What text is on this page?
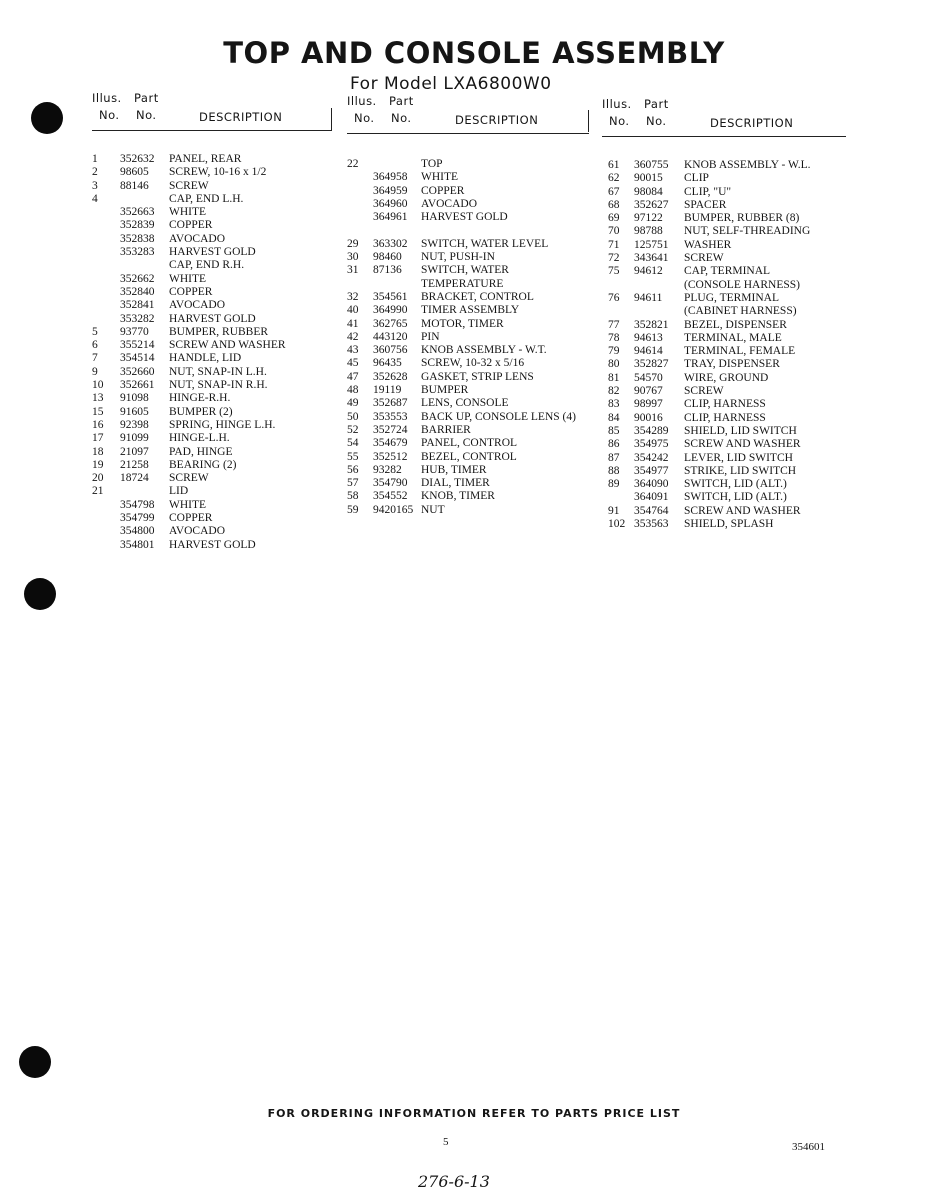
TOP AND CONSOLE ASSEMBLY
For Model LXA6800W0
Illus. Part
No. No.	DESCRIPTION
1 352632 PANEL, REAR
2 98605 SCREW, 10-16 x 1/2
3 88146 SCREW
4	CAP, END L.H.
352663 WHITE
352839 COPPER
352838 AVOCADO
353283 HARVEST GOLD
CAP, END R.H.
352662 WHITE
352840 COPPER
352841 AVOCADO
353282 HARVEST GOLD
5 93770 BUMPER, RUBBER
6 355214 SCREW AND WASHER
7 354514 HANDLE, LID
9 352660 NUT, SNAP-IN L.H.
10 352661 NUT, SNAP-IN R.H.
13 91098 HINGE-R.H.
15 91605 BUMPER (2)
16 92398 SPRING, HINGE L.H.
17 91099 HINGE-L.H.
18 21097 PAD, HINGE
19 21258 BEARING (2)
20 18724 SCREW
21	LID
354798 WHITE
354799 COPPER
354800 AVOCADO
354801 HARVEST GOLD
Illus. Part
No. No.	DESCRIPTION
22	TOP
364958 WHITE
364959 COPPER
364960 AVOCADO
364961 HARVEST GOLD
29 363302 SWITCH, WATER LEVEL
30 98460 NUT, PUSH-IN
31 87136 SWITCH, WATER
TEMPERATURE
32 354561 BRACKET, CONTROL
40 364990 TIMER ASSEMBLY
41 362765 MOTOR, TIMER
42 443120 PIN
43 360756 KNOB ASSEMBLY - W.T.
45 96435 SCREW, 10-32 x 5/16
47 352628 GASKET, STRIP LENS
48 19119 BUMPER
49 352687 LENS, CONSOLE
50 353553 BACK UP, CONSOLE LENS (4)
52 352724 BARRIER
54 354679 PANEL, CONTROL
55 352512 BEZEL, CONTROL
56 93282 HUB, TIMER
57 354790 DIAL, TIMER
58 354552 KNOB, TIMER
59 9420165 NUT
Illus. Part
No. No.	DESCRIPTION
61 360755 KNOB ASSEMBLY - W.L.
62 90015 CLIP
67 98084 CLIP, "U"
68 352627 SPACER
69 97122 BUMPER, RUBBER (8)
70 98788 NUT, SELF-THREADING
71 125751 WASHER
72 343641 SCREW
75 94612 CAP, TERMINAL
(CONSOLE HARNESS)
76 94611 PLUG, TERMINAL
(CABINET HARNESS)
77 352821 BEZEL, DISPENSER
78 94613 TERMINAL, MALE
79 94614 TERMINAL, FEMALE
80 352827 TRAY, DISPENSER
81 54570 WIRE, GROUND
82 90767 SCREW
83 98997 CLIP, HARNESS
84 90016 CLIP, HARNESS
85 354289 SHIELD, LID SWITCH
86 354975 SCREW AND WASHER
87 354242 LEVER, LID SWITCH
88 354977 STRIKE, LID SWITCH
89 364090 SWITCH, LID (ALT.)
364091 SWITCH, LID (ALT.)
91 354764 SCREW AND WASHER
102 353563 SHIELD, SPLASH
FOR ORDERING INFORMATION REFER TO PARTS PRICE LIST
5	354601
276-6-13
